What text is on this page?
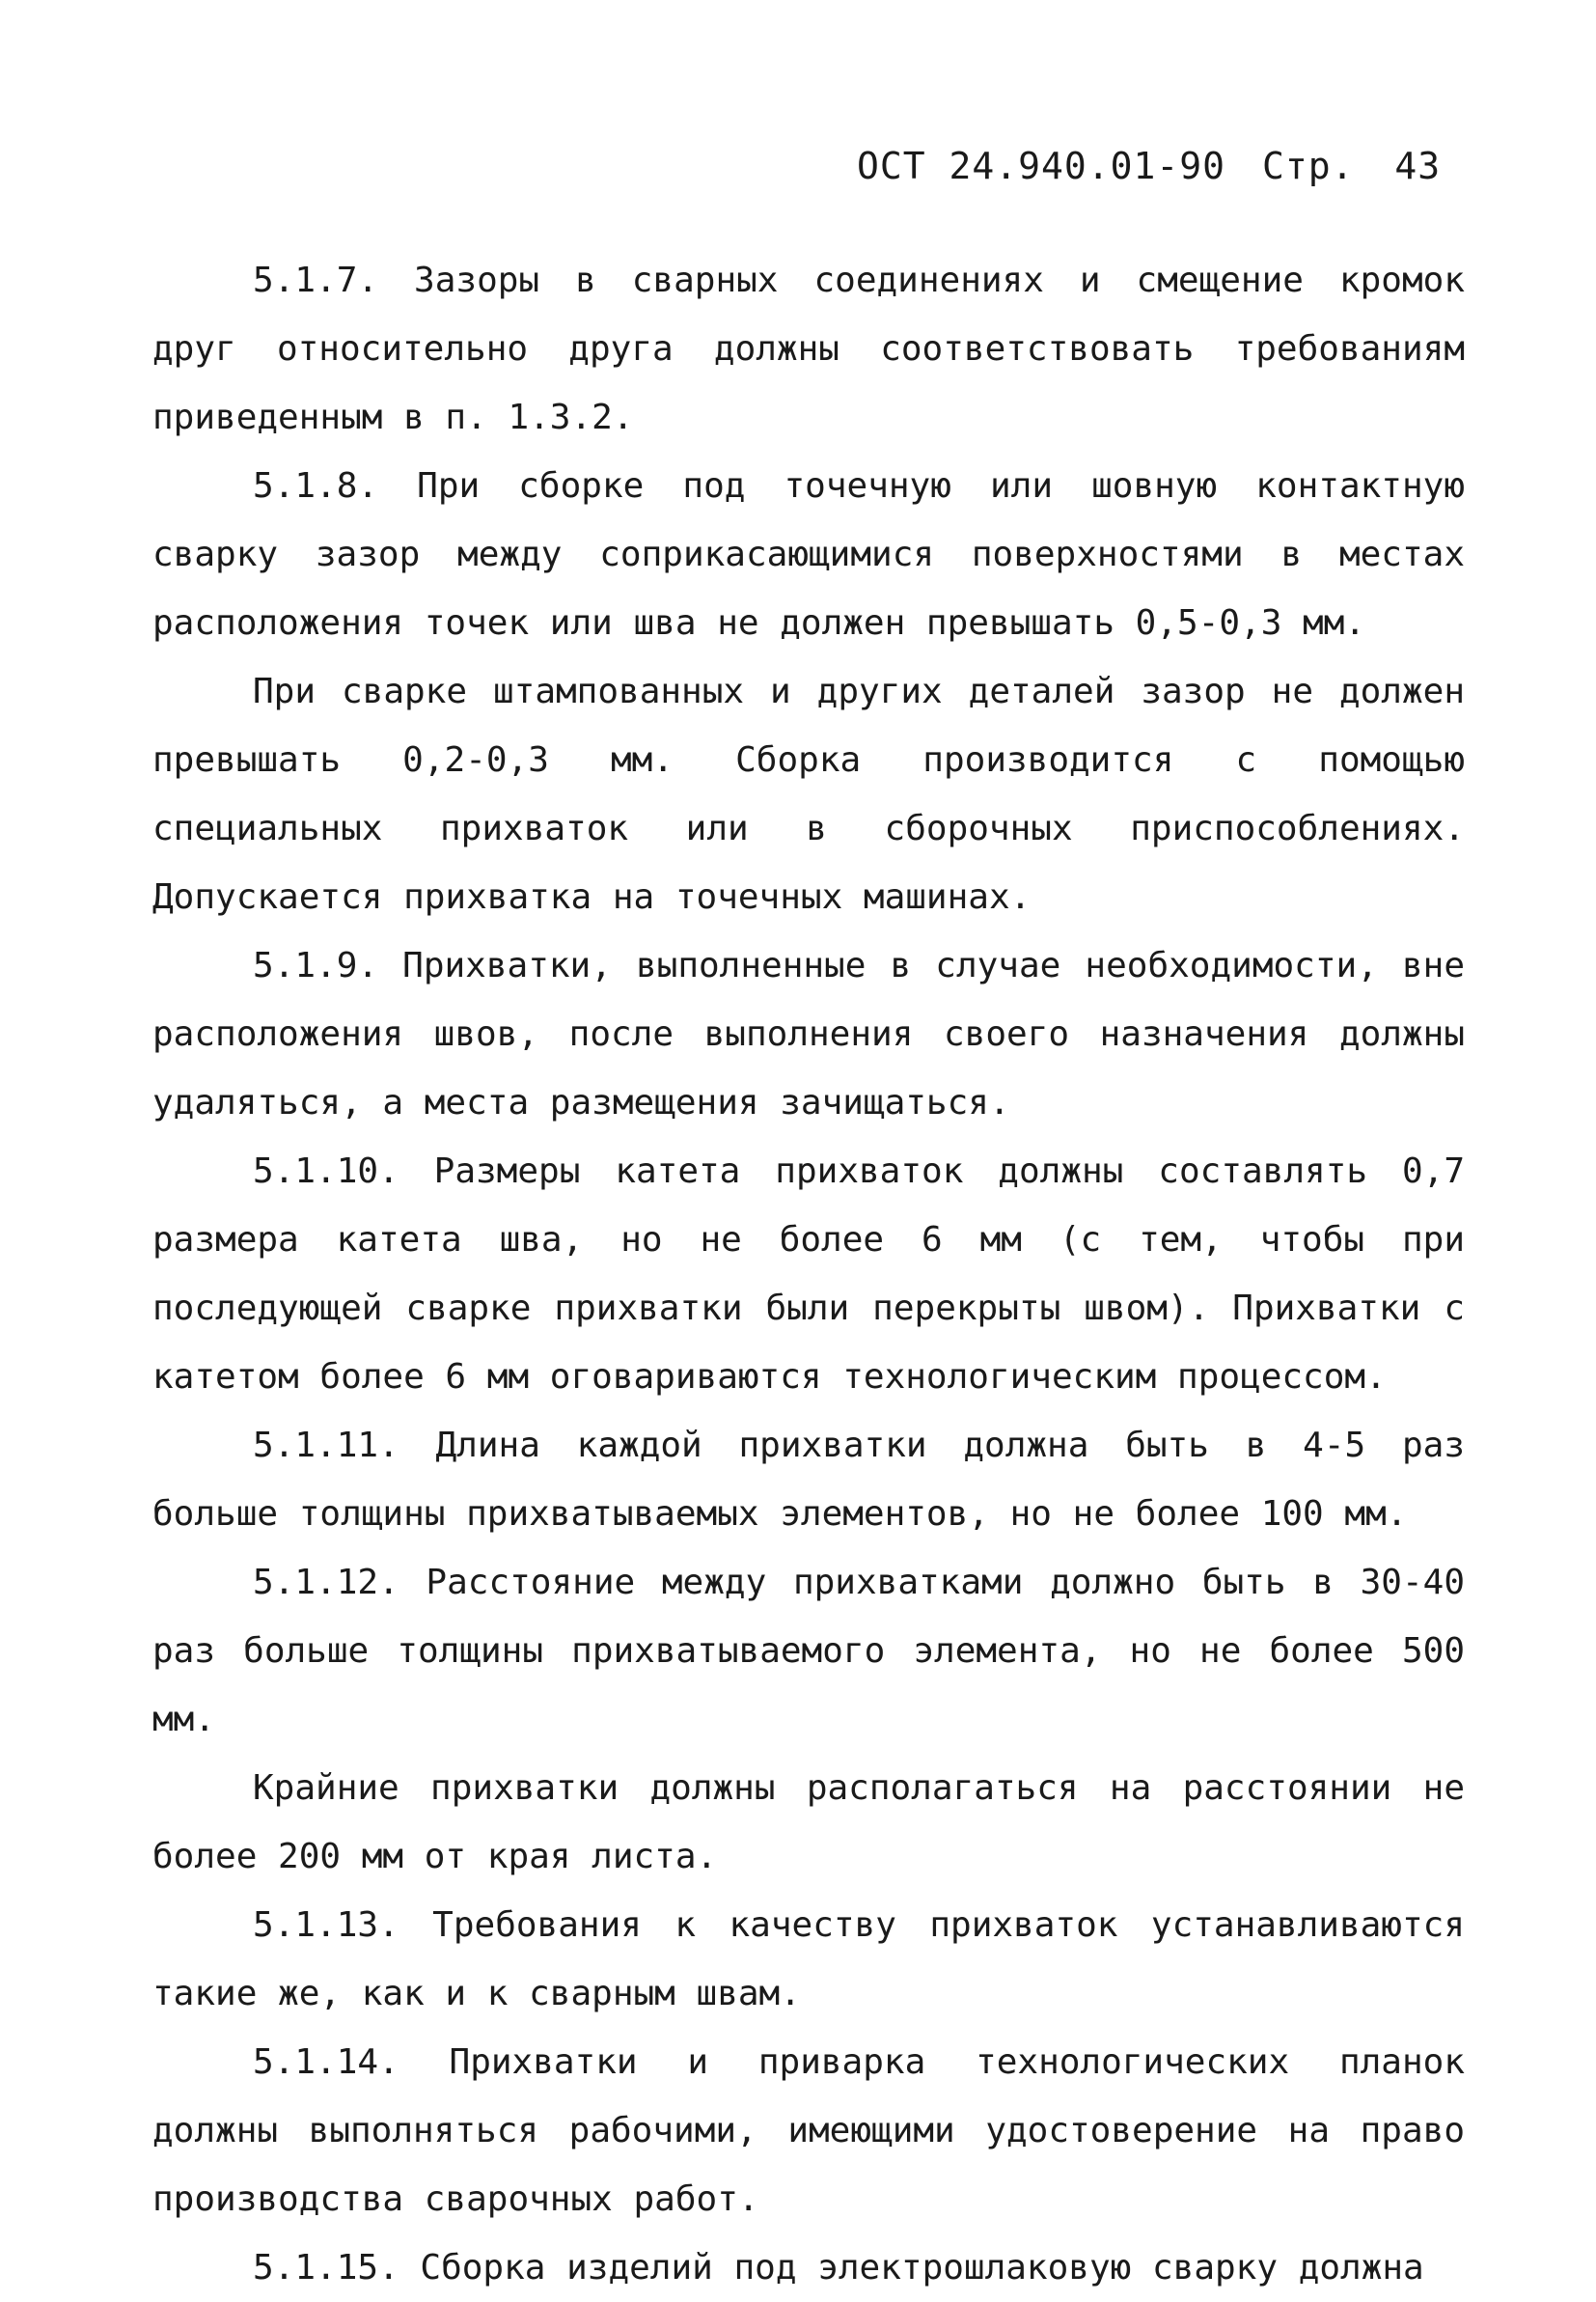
ОСТ 24.940.01-90 Стр. 43

5.1.7. Зазоры в сварных соединениях и смещение кромок друг относительно друга должны соответствовать требованиям приведенным в п. 1.3.2.

5.1.8. При сборке под точечную или шовную контактную сварку зазор между соприкасающимися поверхностями в местах расположения точек или шва не должен превышать 0,5-0,3 мм.

При сварке штампованных и других деталей зазор не должен превышать 0,2-0,3 мм. Сборка производится с помощью специальных прихваток или в сборочных приспособлениях. Допускается прихватка на точечных машинах.

5.1.9. Прихватки, выполненные в случае необходимости, вне расположения швов, после выполнения своего назначения должны удаляться, а места размещения зачищаться.

5.1.10. Размеры катета прихваток должны составлять 0,7 размера катета шва, но не более 6 мм (с тем, чтобы при последующей сварке прихватки были перекрыты швом). Прихватки с катетом более 6 мм оговариваются технологическим процессом.

5.1.11. Длина каждой прихватки должна быть в 4-5 раз больше толщины прихватываемых элементов, но не более 100 мм.

5.1.12. Расстояние между прихватками должно быть в 30-40 раз больше толщины прихватываемого элемента, но не более 500 мм.

Крайние прихватки должны располагаться на расстоянии не более 200 мм от края листа.

5.1.13. Требования к качеству прихваток устанавливаются такие же, как и к сварным швам.

5.1.14. Прихватки и приварка технологических планок должны выполняться рабочими, имеющими удостоверение на право производства сварочных работ.

5.1.15. Сборка изделий под электрошлаковую сварку должна
